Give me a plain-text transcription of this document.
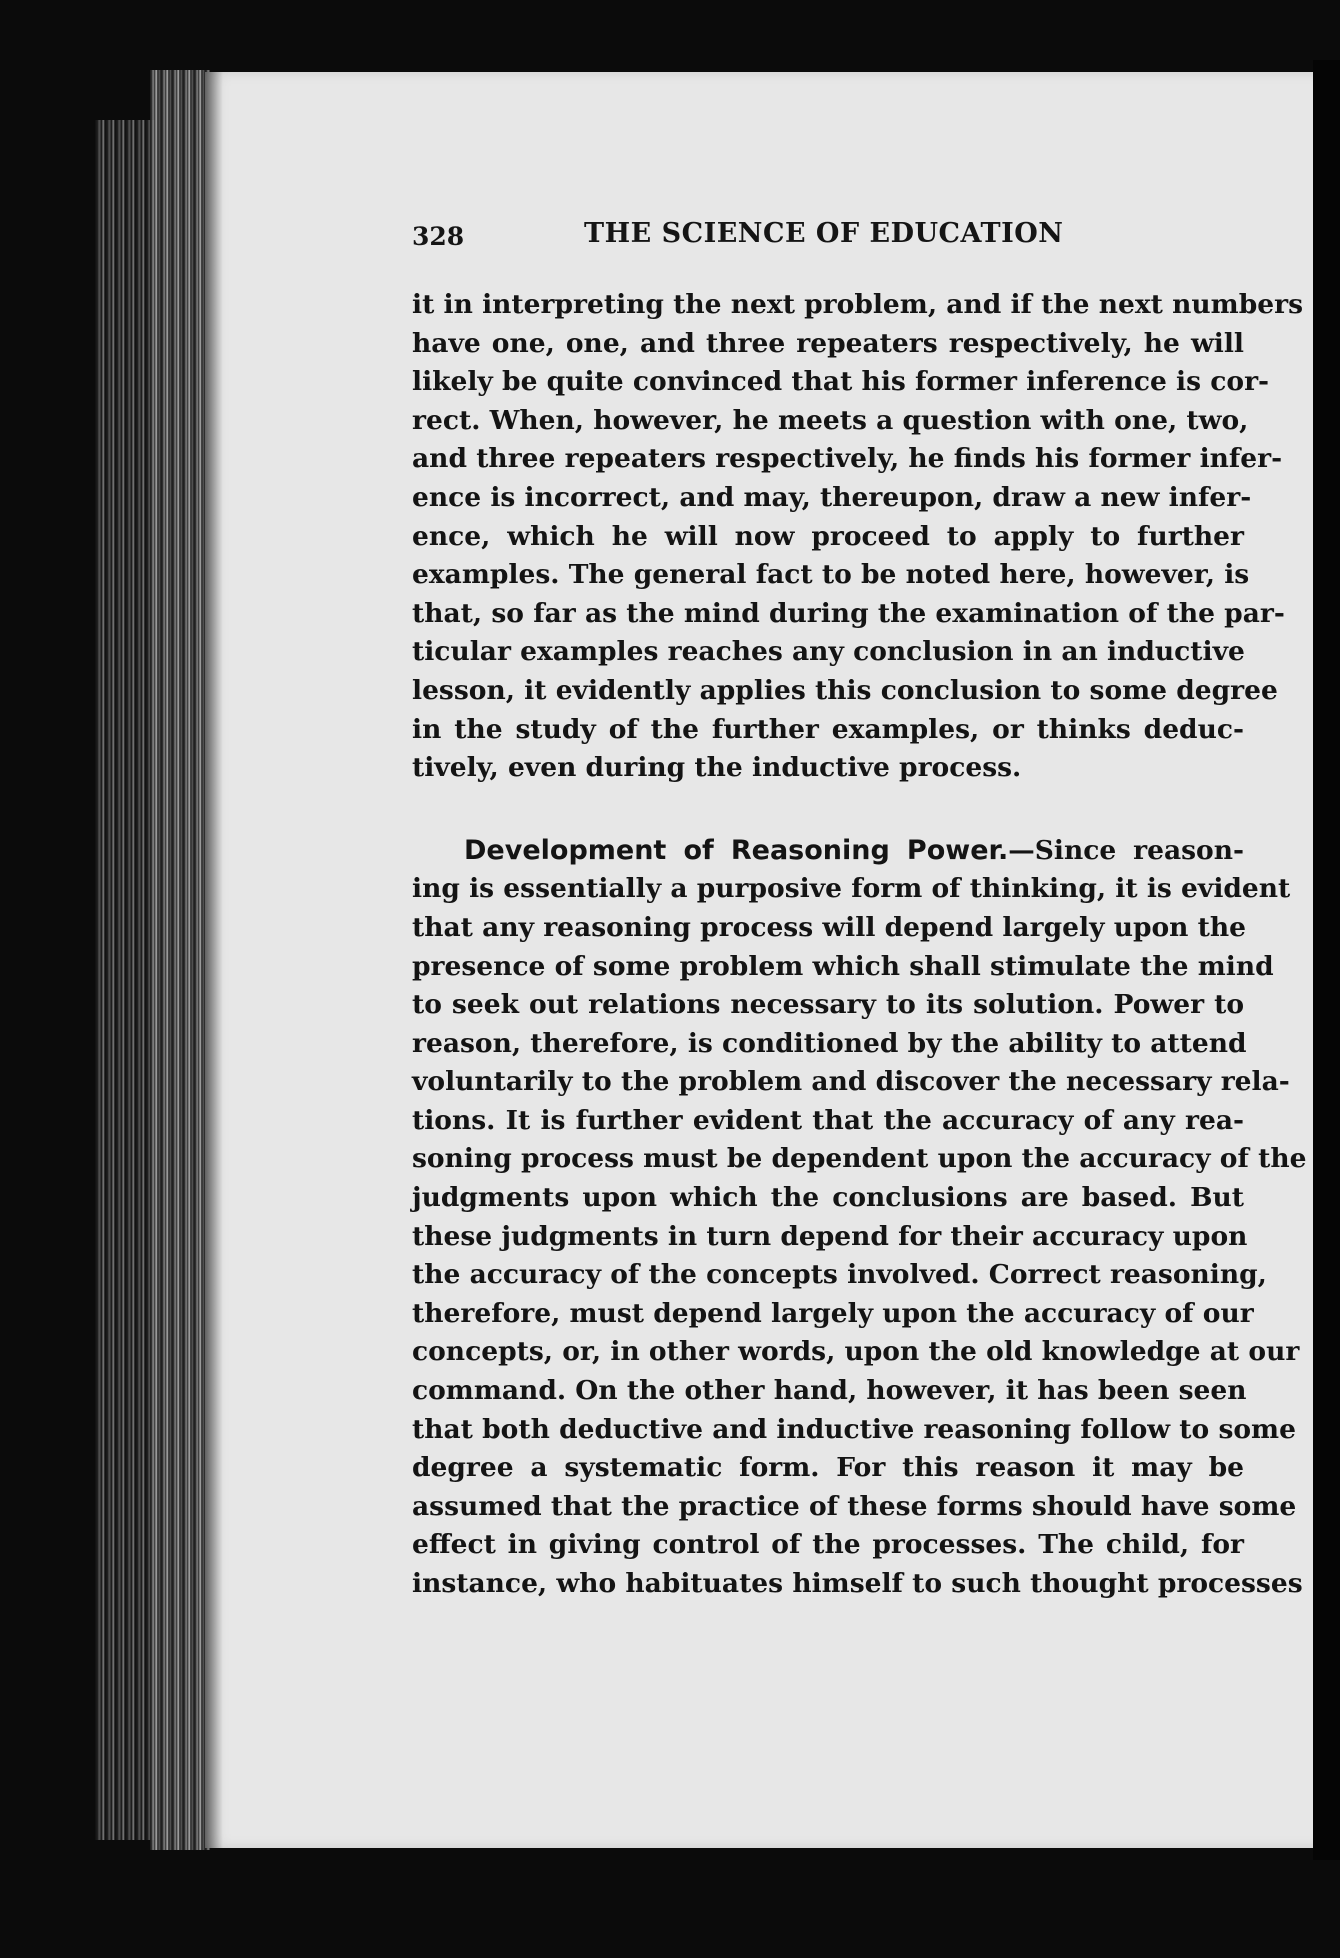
328	THE SCIENCE OF EDUCATION
it in interpreting the next problem, and if the next numbers
have one, one, and three repeaters respectively, he will
likely be quite convinced that his former inference is cor-
rect. When, however, he meets a question with one, two,
and three repeaters respectively, he finds his former infer-
ence is incorrect, and may, thereupon, draw a new infer-
ence, which he will now proceed to apply to further
examples. The general fact to be noted here, however, is
that, so far as the mind during the examination of the par-
ticular examples reaches any conclusion in an inductive
lesson, it evidently applies this conclusion to some degree
in the study of the further examples, or thinks deduc-
tively, even during the inductive process.
Development of Reasoning Power.—Since reason-
ing is essentially a purposive form of thinking, it is evident
that any reasoning process will depend largely upon the
presence of some problem which shall stimulate the mind
to seek out relations necessary to its solution. Power to
reason, therefore, is conditioned by the ability to attend
voluntarily to the problem and discover the necessary rela-
tions. It is further evident that the accuracy of any rea-
soning process must be dependent upon the accuracy of the
judgments upon which the conclusions are based. But
these judgments in turn depend for their accuracy upon
the accuracy of the concepts involved. Correct reasoning,
therefore, must depend largely upon the accuracy of our
concepts, or, in other words, upon the old knowledge at our
command. On the other hand, however, it has been seen
that both deductive and inductive reasoning follow to some
degree a systematic form. For this reason it may be
assumed that the practice of these forms should have some
effect in giving control of the processes. The child, for
instance, who habituates himself to such thought processes
